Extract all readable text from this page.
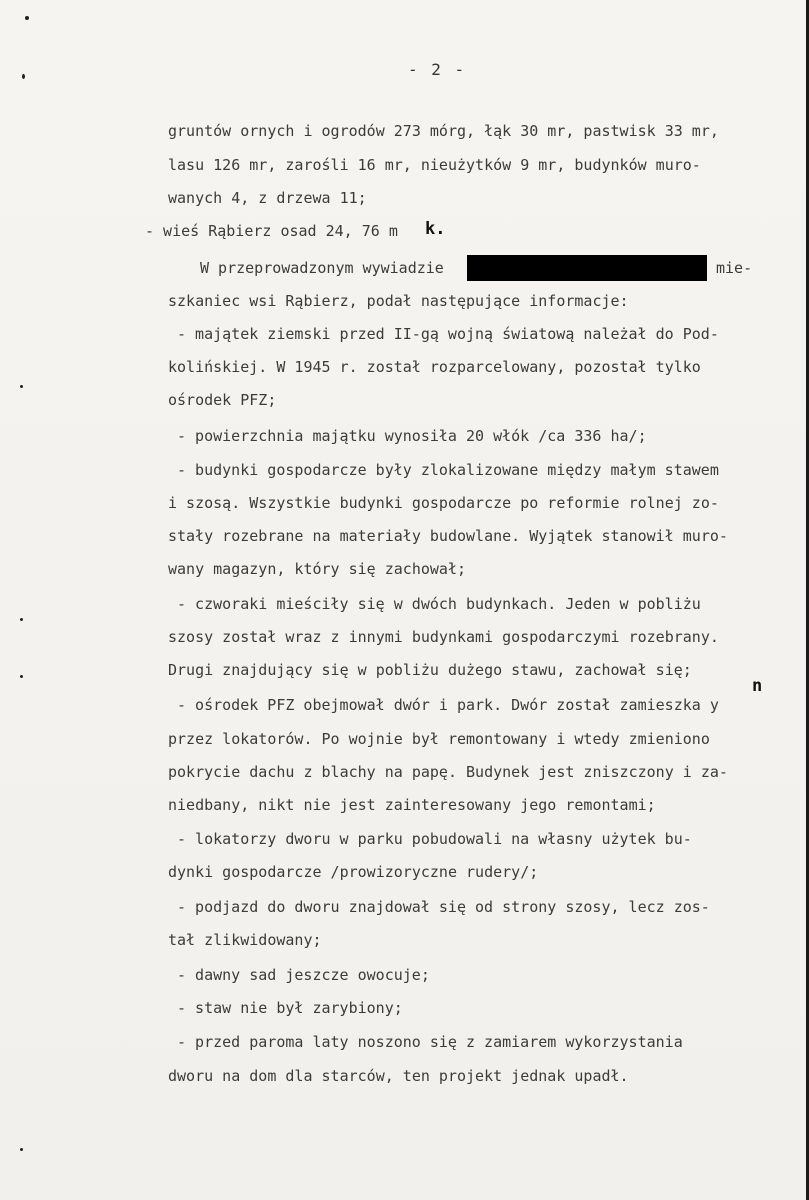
- 2 -
gruntów ornych i ogrodów 273 mórg, łąk 30 mr, pastwisk 33 mr,
lasu 126 mr, zarośli 16 mr, nieużytków 9 mr, budynków muro-
wanych 4, z drzewa 11;
- wieś Rąbierz osad 24, 76 m k.
W przeprowadzonym wywiadzie	mie-
szkaniec wsi Rąbierz, podał następujące informacje:
- majątek ziemski przed II-gą wojną światową należał do Pod-
kolińskiej. W 1945 r. został rozparcelowany, pozostał tylko
ośrodek PFZ;
- powierzchnia majątku wynosiła 20 włók /ca 336 ha/;
- budynki gospodarcze były zlokalizowane między małym stawem
i szosą. Wszystkie budynki gospodarcze po reformie rolnej zo-
stały rozebrane na materiały budowlane. Wyjątek stanowił muro-
wany magazyn, który się zachował;
- czworaki mieściły się w dwóch budynkach. Jeden w pobliżu
szosy został wraz z innymi budynkami gospodarczymi rozebrany.
Drugi znajdujący się w pobliżu dużego stawu, zachował się;
- ośrodek PFZ obejmował dwór i park. Dwór został zamieszka y
n
przez lokatorów. Po wojnie był remontowany i wtedy zmieniono
pokrycie dachu z blachy na papę. Budynek jest zniszczony i za-
niedbany, nikt nie jest zainteresowany jego remontami;
- lokatorzy dworu w parku pobudowali na własny użytek bu-
dynki gospodarcze /prowizoryczne rudery/;
- podjazd do dworu znajdował się od strony szosy, lecz zos-
tał zlikwidowany;
- dawny sad jeszcze owocuje;
- staw nie był zarybiony;
- przed paroma laty noszono się z zamiarem wykorzystania
dworu na dom dla starców, ten projekt jednak upadł.
